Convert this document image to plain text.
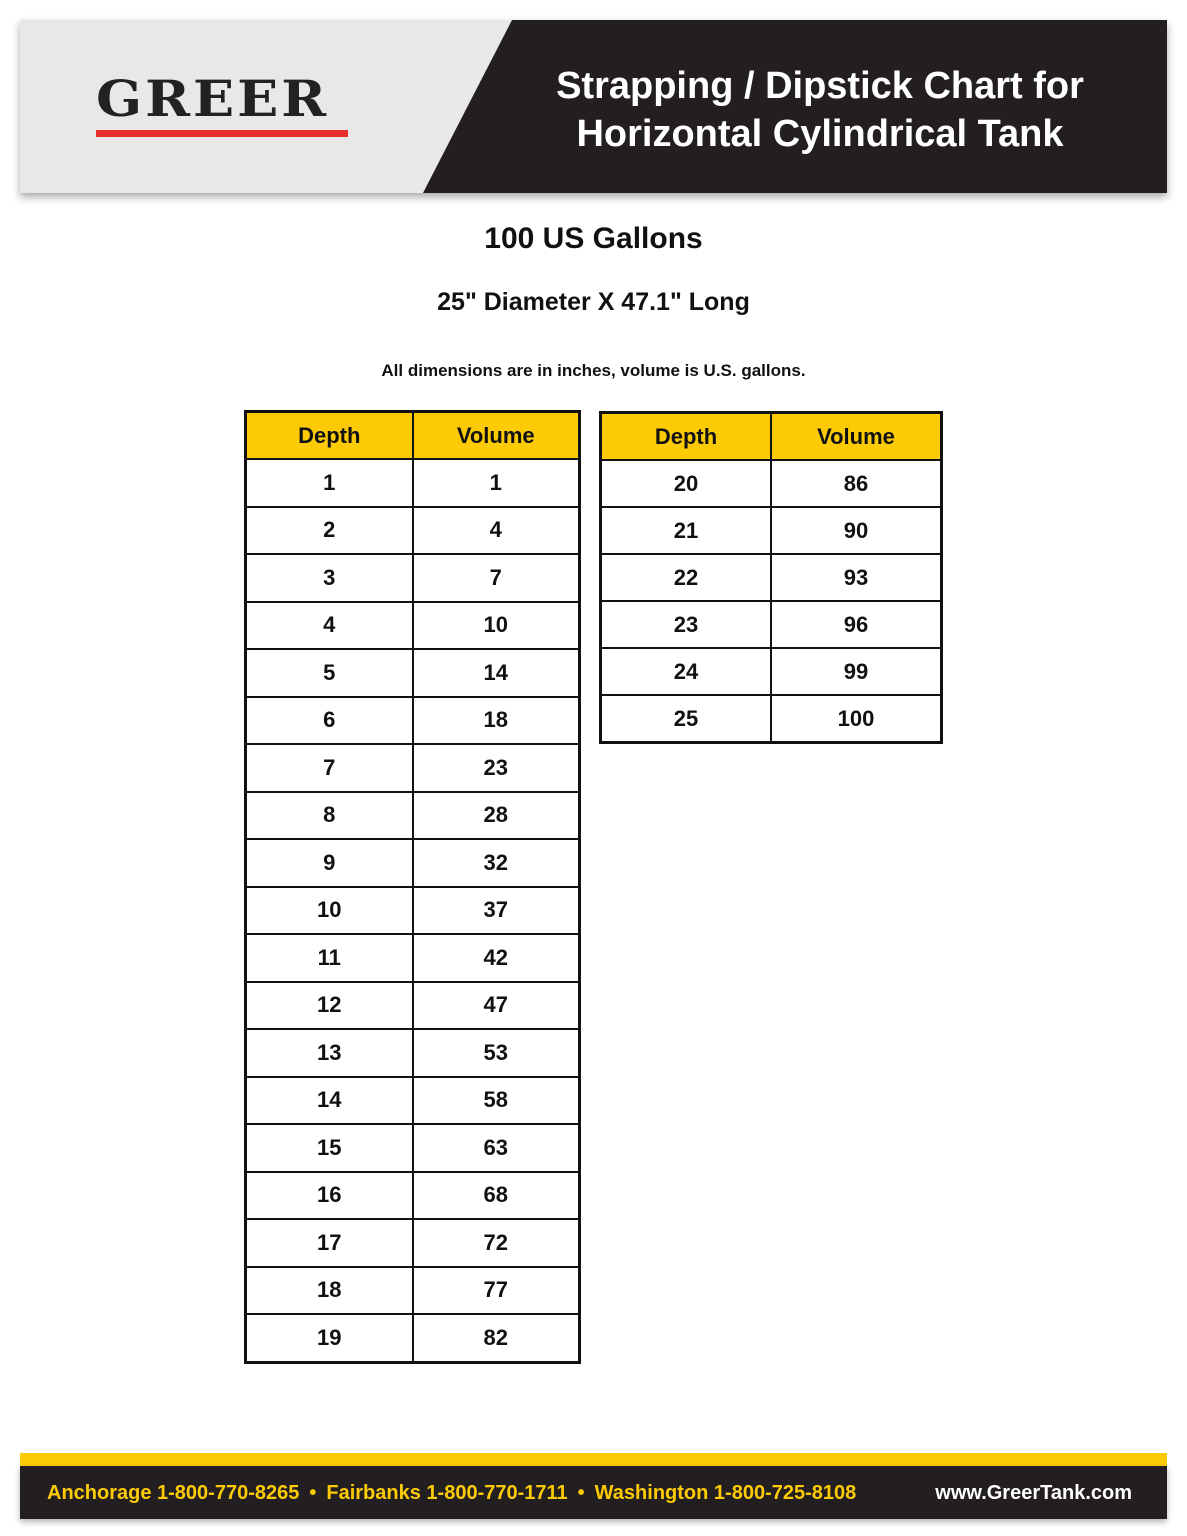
GREER	Strapping / Dipstick Chart for
Horizontal Cylindrical Tank
100 US Gallons
25" Diameter X 47.1" Long
All dimensions are in inches, volume is U.S. gallons.
Depth	Volume
1	1
2	4
3	7
4	10
5	14
6	18
7	23
8	28
9	32
10	37
11	42
12	47
13	53
14	58
15	63
16	68
17	72
18	77
19	82
Depth	Volume
20	86
21	90
22	93
23	96
24	99
25	100
Anchorage 1-800-770-8265 • Fairbanks 1-800-770-1711 • Washington 1-800-725-8108	www.GreerTank.com
